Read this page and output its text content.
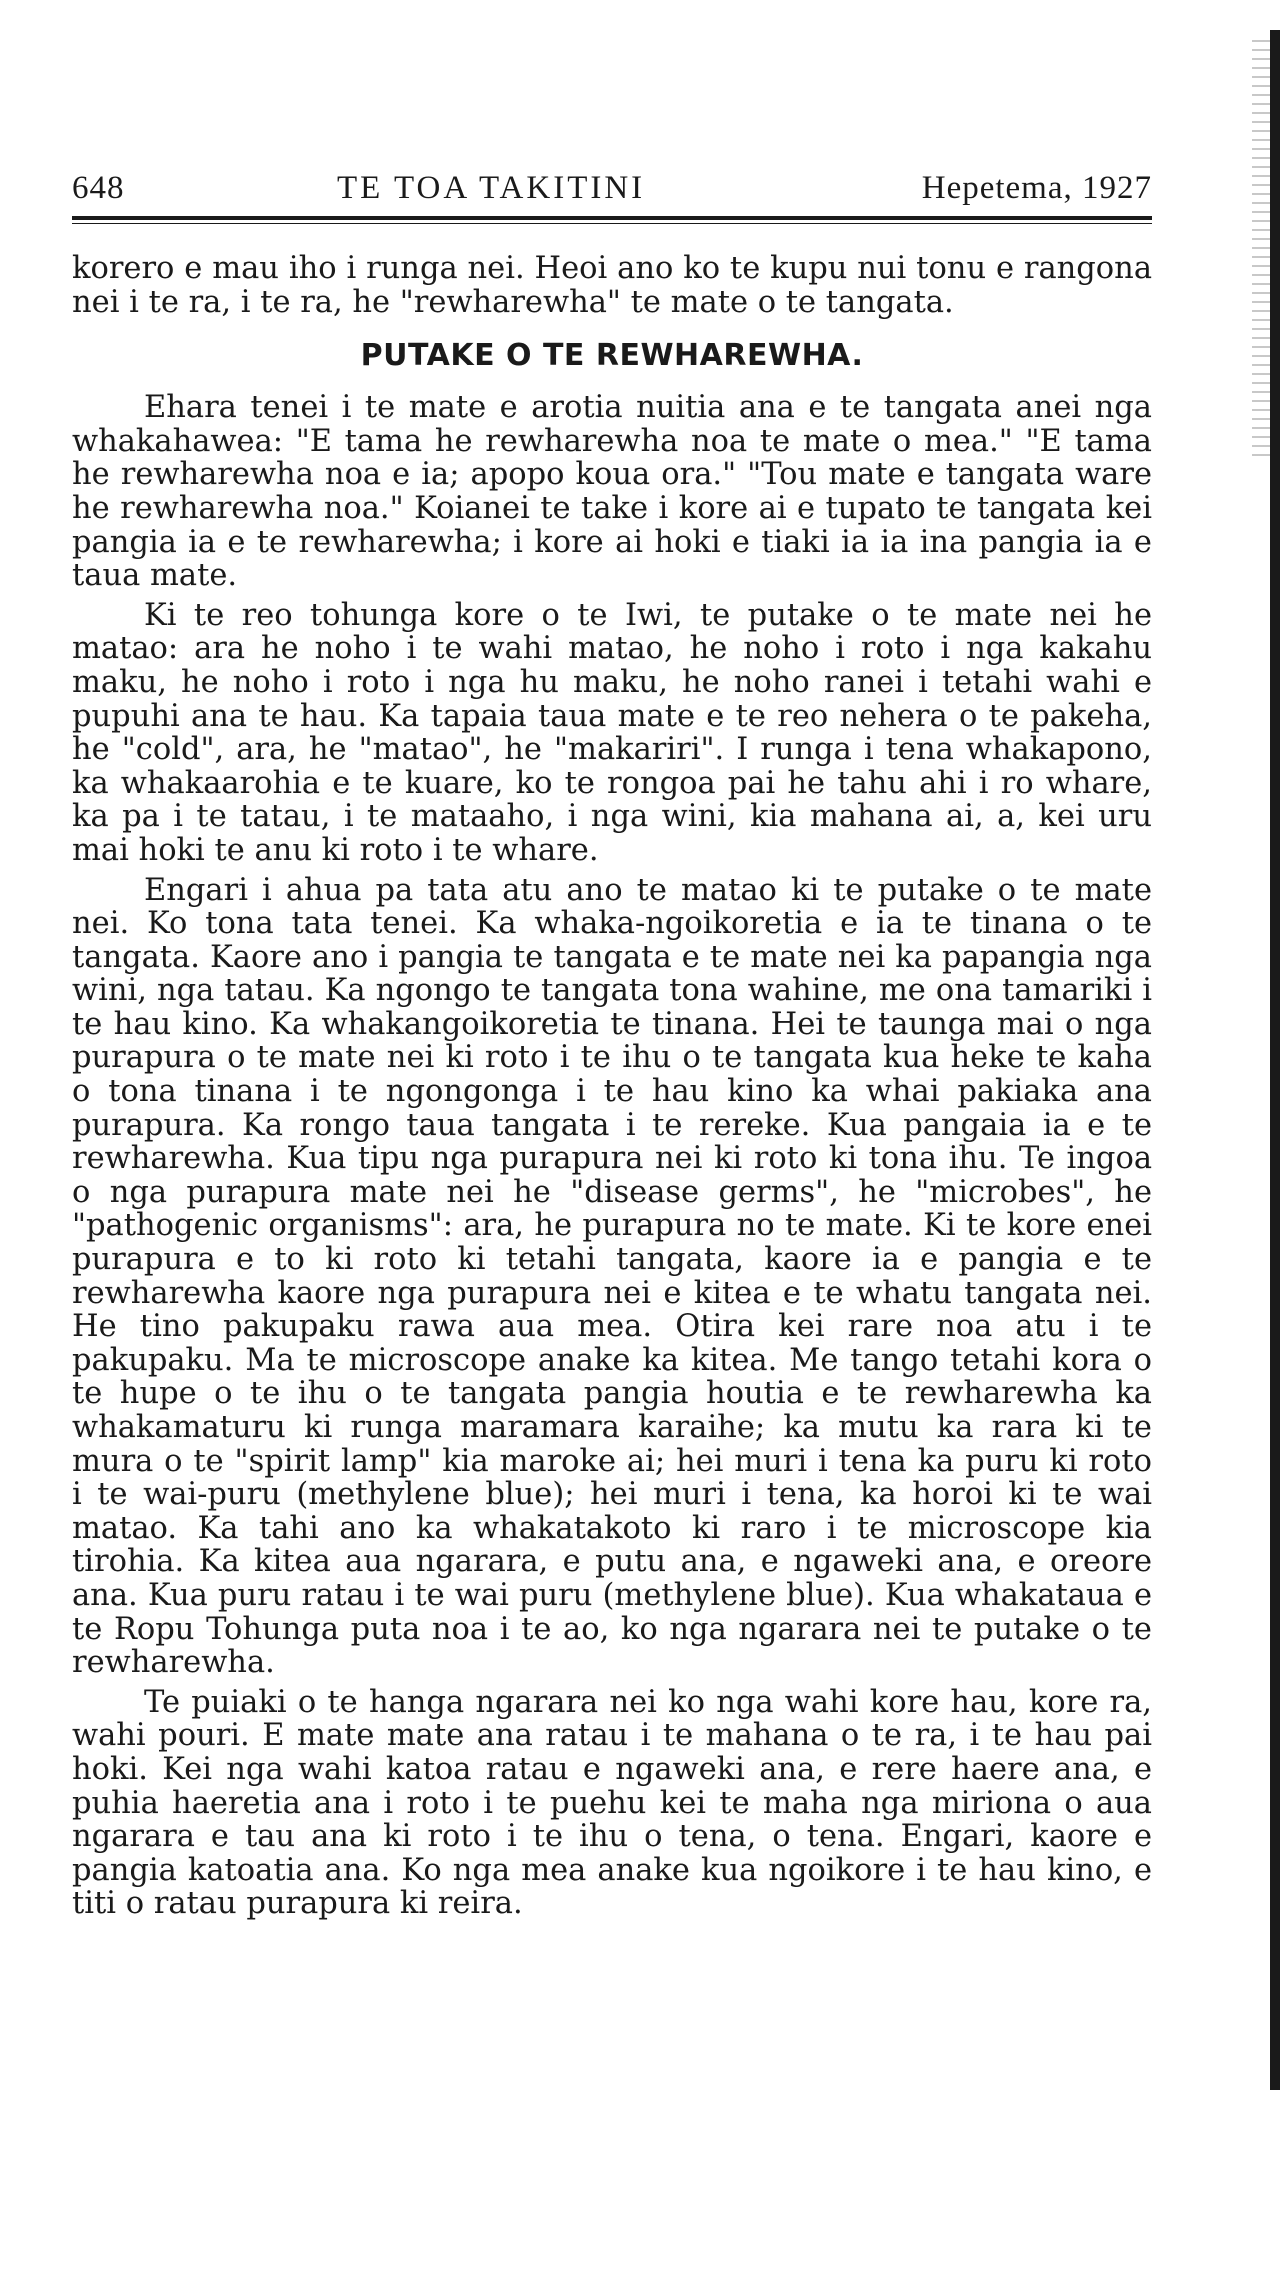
648	TE TOA TAKITINI	Hepetema, 1927

korero e mau iho i runga nei. Heoi ano ko te kupu nui tonu e rangona nei i te ra, i te ra, he "rewharewha" te mate o te tangata.

PUTAKE O TE REWHAREWHA.

Ehara tenei i te mate e arotia nuitia ana e te tangata anei nga whakahawea: "E tama he rewharewha noa te mate o mea." "E tama he rewharewha noa e ia; apopo koua ora." "Tou mate e tangata ware he rewharewha noa." Koianei te take i kore ai e tupato te tangata kei pangia ia e te rewharewha; i kore ai hoki e tiaki ia ia ina pangia ia e taua mate.

Ki te reo tohunga kore o te Iwi, te putake o te mate nei he matao: ara he noho i te wahi matao, he noho i roto i nga kakahu maku, he noho i roto i nga hu maku, he noho ranei i tetahi wahi e pupuhi ana te hau. Ka tapaia taua mate e te reo nehera o te pakeha, he "cold", ara, he "matao", he "makariri". I runga i tena whakapono, ka whakaarohia e te kuare, ko te rongoa pai he tahu ahi i ro whare, ka pa i te tatau, i te mataaho, i nga wini, kia mahana ai, a, kei uru mai hoki te anu ki roto i te whare.

Engari i ahua pa tata atu ano te matao ki te putake o te mate nei. Ko tona tata tenei. Ka whaka-ngoikoretia e ia te tinana o te tangata. Kaore ano i pangia te tangata e te mate nei ka papangia nga wini, nga tatau. Ka ngongo te tangata tona wahine, me ona tamariki i te hau kino. Ka whakangoikoretia te tinana. Hei te taunga mai o nga purapura o te mate nei ki roto i te ihu o te tangata kua heke te kaha o tona tinana i te ngongonga i te hau kino ka whai pakiaka ana purapura. Ka rongo taua tangata i te rereke. Kua pangaia ia e te rewharewha. Kua tipu nga purapura nei ki roto ki tona ihu. Te ingoa o nga purapura mate nei he "disease germs", he "microbes", he "pathogenic organisms": ara, he purapura no te mate. Ki te kore enei purapura e to ki roto ki tetahi tangata, kaore ia e pangia e te rewharewha kaore nga purapura nei e kitea e te whatu tangata nei. He tino pakupaku rawa aua mea. Otira kei rare noa atu i te pakupaku. Ma te microscope anake ka kitea. Me tango tetahi kora o te hupe o te ihu o te tangata pangia houtia e te rewharewha ka whakamaturu ki runga maramara karaihe; ka mutu ka rara ki te mura o te "spirit lamp" kia maroke ai; hei muri i tena ka puru ki roto i te wai-puru (methylene blue); hei muri i tena, ka horoi ki te wai matao. Ka tahi ano ka whakatakoto ki raro i te microscope kia tirohia. Ka kitea aua ngarara, e putu ana, e ngaweki ana, e oreore ana. Kua puru ratau i te wai puru (methylene blue). Kua whakataua e te Ropu Tohunga puta noa i te ao, ko nga ngarara nei te putake o te rewharewha.

Te puiaki o te hanga ngarara nei ko nga wahi kore hau, kore ra, wahi pouri. E mate mate ana ratau i te mahana o te ra, i te hau pai hoki. Kei nga wahi katoa ratau e ngaweki ana, e rere haere ana, e puhia haeretia ana i roto i te puehu kei te maha nga miriona o aua ngarara e tau ana ki roto i te ihu o tena, o tena. Engari, kaore e pangia katoatia ana. Ko nga mea anake kua ngoikore i te hau kino, e titi o ratau purapura ki reira.
